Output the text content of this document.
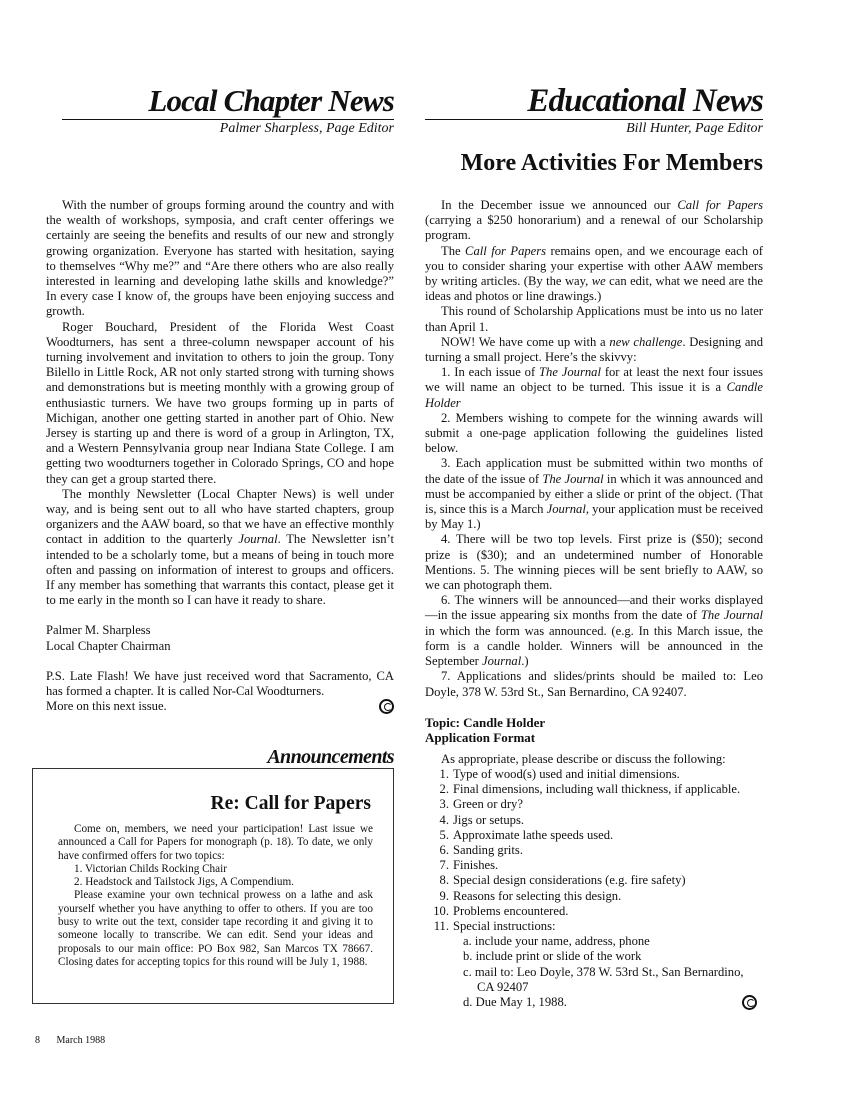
Local Chapter News
Palmer Sharpless, Page Editor

With the number of groups forming around the country and with the wealth of workshops, symposia, and craft center offerings we certainly are seeing the benefits and results of our new and strongly growing organization. Everyone has started with hesitation, saying to themselves “Why me?” and “Are there others who are also really interested in learning and developing lathe skills and knowledge?” In every case I know of, the groups have been enjoying success and growth.

Roger Bouchard, President of the Florida West Coast Woodturners, has sent a three-column newspaper account of his turning involvement and invitation to others to join the group. Tony Bilello in Little Rock, AR not only started strong with turning shows and demonstrations but is meeting monthly with a growing group of enthusiastic turners. We have two groups forming up in parts of Michigan, another one getting started in another part of Ohio. New Jersey is starting up and there is word of a group in Arlington, TX, and a Western Pennsylvania group near Indiana State College. I am getting two woodturners together in Colorado Springs, CO and hope they can get a group started there.

The monthly Newsletter (Local Chapter News) is well under way, and is being sent out to all who have started chapters, group organizers and the AAW board, so that we have an effective monthly contact in addition to the quarterly Journal. The Newsletter isn’t intended to be a scholarly tome, but a means of being in touch more often and passing on information of interest to groups and officers. If any member has something that warrants this contact, please get it to me early in the month so I can have it ready to share.

Palmer M. Sharpless

Local Chapter Chairman

P.S. Late Flash! We have just received word that Sacramento, CA has formed a chapter. It is called Nor-Cal Woodturners.

More on this next issue.
Announcements
Re: Call for Papers

Come on, members, we need your participation! Last issue we announced a Call for Papers for monograph (p. 18). To date, we only have confirmed offers for two topics:

1. Victorian Childs Rocking Chair

2. Headstock and Tailstock Jigs, A Compendium.

Please examine your own technical prowess on a lathe and ask yourself whether you have anything to offer to others. If you are too busy to write out the text, consider tape recording it and giving it to someone locally to transcribe. We can edit. Send your ideas and proposals to our main office: PO Box 982, San Marcos TX 78667. Closing dates for accepting topics for this round will be July 1, 1988.

Educational News
Bill Hunter, Page Editor
More Activities For Members

In the December issue we announced our Call for Papers (carrying a $250 honorarium) and a renewal of our Scholarship program.

The Call for Papers remains open, and we encourage each of you to consider sharing your expertise with other AAW members by writing articles. (By the way, we can edit, what we need are the ideas and photos or line drawings.)

This round of Scholarship Applications must be into us no later than April 1.

NOW! We have come up with a new challenge. Designing and turning a small project. Here’s the skivvy:

1. In each issue of The Journal for at least the next four issues we will name an object to be turned. This issue it is a Candle Holder

2. Members wishing to compete for the winning awards will submit a one-page application following the guidelines listed below.

3. Each application must be submitted within two months of the date of the issue of The Journal in which it was announced and must be accompanied by either a slide or print of the object. (That is, since this is a March Journal, your application must be received by May 1.)

4. There will be two top levels. First prize is ($50); second prize is ($30); and an undetermined number of Honorable Mentions. 5. The winning pieces will be sent briefly to AAW, so we can photograph them.

6. The winners will be announced—and their works displayed—in the issue appearing six months from the date of The Journal in which the form was announced. (e.g. In this March issue, the form is a candle holder. Winners will be announced in the September Journal.)

7. Applications and slides/prints should be mailed to: Leo Doyle, 378 W. 53rd St., San Bernardino, CA 92407.

Topic: Candle Holder
Application Format
As appropriate, please describe or discuss the following:
1. Type of wood(s) used and initial dimensions.
2. Final dimensions, including wall thickness, if applicable.
3. Green or dry?
4. Jigs or setups.
5. Approximate lathe speeds used.
6. Sanding grits.
7. Finishes.
8. Special design considerations (e.g. fire safety)
9. Reasons for selecting this design.
10. Problems encountered.
11. Special instructions:
a. include your name, address, phone
b. include print or slide of the work
c. mail to: Leo Doyle, 378 W. 53rd St., San Bernardino,
CA 92407
d. Due May 1, 1988.
8 March 1988
